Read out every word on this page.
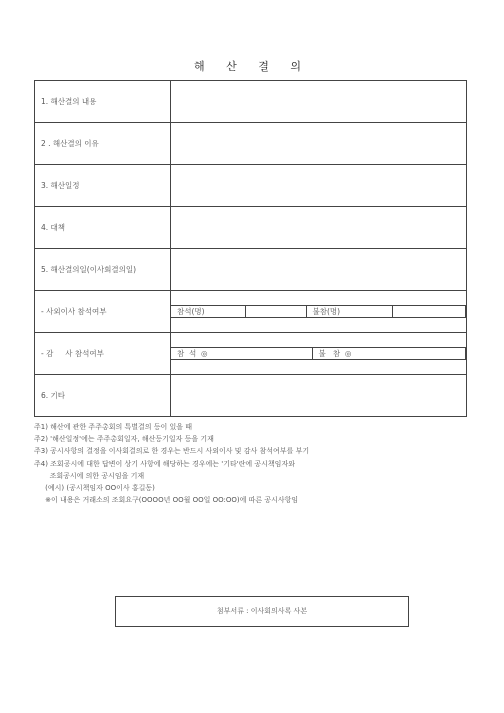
해 산 결 의
1. 해산결의 내용	
2 . 해산결의 이유	
3. 해산일정	
4. 대책	
5. 해산결의일(이사회결의일)	
- 사외이사 참석여부		참석(명)		불참(명)	

- 감     사 참석여부		참  석  ◎	불   참  ◎

6. 기타	
주1) 해산에 관한 주주총회의 특별결의 등이 있을 때
주2) '해산일정'에는 주주총회일자, 해산등기일자 등을 기재
주3) 공시사항의 결정을 이사회결의로 한 경우는 반드시 사외이사 및 감사 참석여부를 부기
주4) 조회공시에 대한 답변이 상기 사항에 해당하는 경우에는 '기타'란에 공시책임자와
조회공시에 의한 공시임을 기재
(예시) (공시책임자 OO이사 홍길동)
※이 내용은 거래소의 조회요구(OOOO년 OO월 OO일 OO:OO)에 따른 공시사항임
첨부서류 : 이사회의사록 사본
